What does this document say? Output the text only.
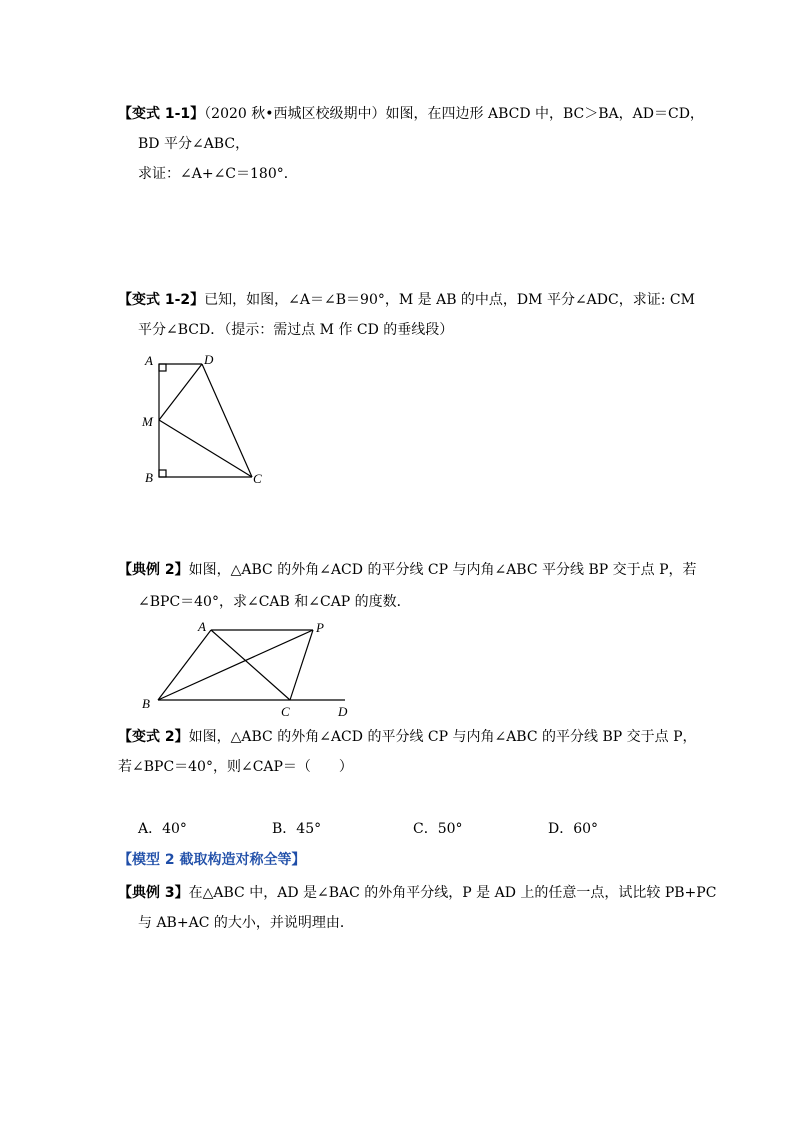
【变式 1-1】（2020 秋•西城区校级期中）如图，在四边形 ABCD 中，BC＞BA，AD＝CD，
BD 平分∠ABC，
求证：∠A+∠C＝180°．
【变式 1-2】已知，如图，∠A＝∠B＝90°，M 是 AB 的中点，DM 平分∠ADC，求证: CM
平分∠BCD．（提示：需过点 M 作 CD 的垂线段）
A	D
M
B	C
A	P
B
C	D
【典例 2】如图，△ABC 的外角∠ACD 的平分线 CP 与内角∠ABC 平分线 BP 交于点 P，若
∠BPC＝40°，求∠CAB 和∠CAP 的度数．
【变式 2】如图，△ABC 的外角∠ACD 的平分线 CP 与内角∠ABC 的平分线 BP 交于点 P，
若∠BPC＝40°，则∠CAP＝（　　）
A．40°	B．45°	C．50°	D．60°
【模型 2 截取构造对称全等】
【典例 3】在△ABC 中，AD 是∠BAC 的外角平分线，P 是 AD 上的任意一点，试比较 PB+PC
与 AB+AC 的大小，并说明理由．
